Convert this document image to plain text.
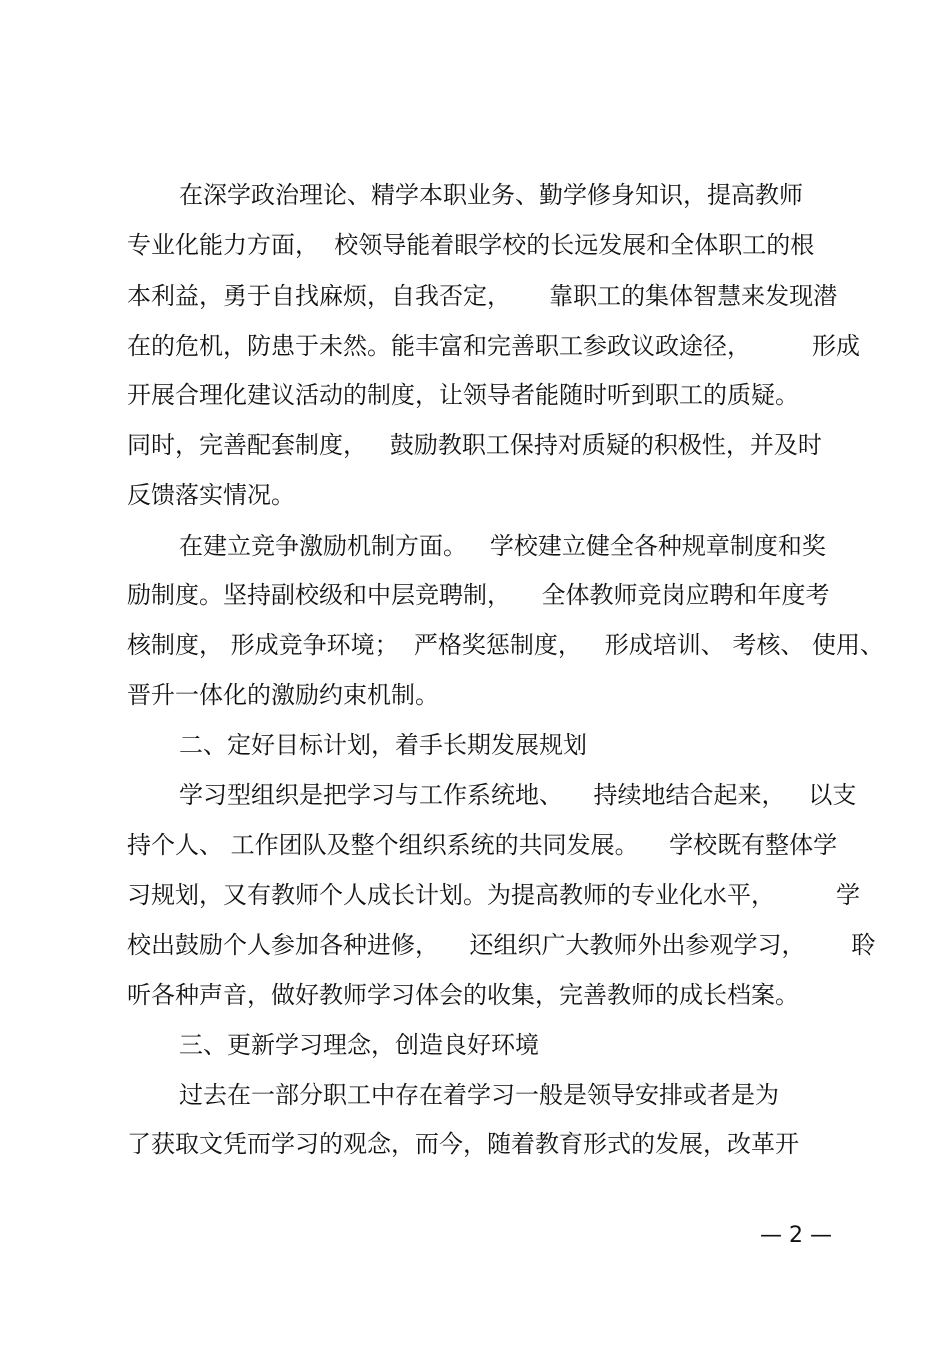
在深学政治理论、精学本职业务、勤学修身知识，提高教师

专业化能力方面，  校领导能着眼学校的长远发展和全体职工的根

本利益，勇于自找麻烦，自我否定，     靠职工的集体智慧来发现潜

在的危机，防患于未然。能丰富和完善职工参政议政途径，        形成

开展合理化建议活动的制度，让领导者能随时听到职工的质疑。

同时，完善配套制度，   鼓励教职工保持对质疑的积极性，并及时

反馈落实情况。

在建立竞争激励机制方面。   学校建立健全各种规章制度和奖

励制度。坚持副校级和中层竞聘制，    全体教师竞岗应聘和年度考

核制度， 形成竞争环境；  严格奖惩制度，   形成培训、 考核、 使用、

晋升一体化的激励约束机制。

二、定好目标计划，着手长期发展规划

学习型组织是把学习与工作系统地、    持续地结合起来，   以支

持个人、 工作团队及整个组织系统的共同发展。    学校既有整体学

习规划，又有教师个人成长计划。为提高教师的专业化水平，        学

校出鼓励个人参加各种进修，    还组织广大教师外出参观学习，      聆

听各种声音，做好教师学习体会的收集，完善教师的成长档案。

三、更新学习理念，创造良好环境

过去在一部分职工中存在着学习一般是领导安排或者是为

了获取文凭而学习的观念，而今，随着教育形式的发展，改革开

— 2 —
